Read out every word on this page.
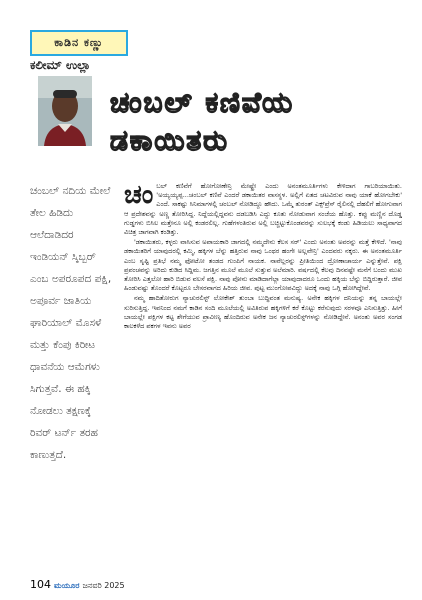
ಕಾಡಿನ ಕಣ್ಣು
ಕಲೀಮ್ ಉಲ್ಲಾ

ಚಂಬಲ್ ಕಣಿವೆಯ

ಡಕಾಯಿತರು

ಚಂಬಲ್ ನದಿಯ ಮೇಲೆ ತೇಲ ಹಿಡಿದು ಆಲೆದಾಡಿದರ ಇಂಡಿಯನ್ ಸ್ಕಿಬ್ಬರ್ ಎಂಬ ಅಪರೂಪದ ಪಕ್ಷಿ, ಅಪೂರ್ವ ಜಾತಿಯ ಘಾರಿಯಾಲ್ ಮೊಸಳೆ ಮತ್ತು ಕೆಂಪು ಕಿರೀಟ ಧಾವನೆಯ ಆಮೆಗಳು ಸಿಗುತ್ತವೆ. ಈ ಹಕ್ಕಿ ನೋಡಲು ತಕ್ಷಣಕ್ಕೆ ರಿವರ್ ಟರ್ನ್ ತರಹ ಕಾಣುತ್ತದೆ.

ಚಂಬಲ್ ಕಣಿವೆಗೆ ಹೋಗೋಣೇನ್ರಿ ಮೇಷ್ಟ್ರೇ ಎಂದು ಅನಂತಮೂರ್ತಿಗಳು ಕೇಳಿದಾಗ ಗಾಬರಿಯಾಯಿತು. 'ಅಯ್ಯಯ್ಯಪ್ಪ...ಚಂಬಲ್ ಕಣಿವೆ ಎಂದರೆ ಡಕಾಯಿತರ ವಾಸಸ್ಥಳ. ಅಲ್ಲಿಗೆ ಏತದ ಚಟವಿರುವ ನಾವು ಯಾಕೆ ಹೋಗಬೇಕು' ಎಂದೆ. ಸಾಕಷ್ಟು ಸಿನಿಮಾಗಳಲ್ಲಿ ಚಂಬಲ್ ನೋಡಿದ್ದೂ ಹೌದು. ಒಮ್ಮೆ ತುರಂತ್ ಎಕ್ಸ್‌ಪ್ರೆಸ್ ರೈಲಿನಲ್ಲಿ ದೆಹಲಿಗೆ ಹೋಗುವಾಗ ಆ ಪ್ರದೇಶವನ್ನು ಅಣ್ಣ ತೋರಿಸಿದ್ದ. ನಿದ್ದೆಯಲ್ಲಿದ್ದವನು ದಡಬಡಿಸಿ ಎದ್ದು ಕೂತು ನೋಡುವಾಗ ಸಂಜೆಯ ಹೊತ್ತು. ಕಪ್ಪು ಮಣ್ಣಿನ ದೊಡ್ಡ ಗುಡ್ಡಗಳು ಬಿಸಿಲ ಮತ್ತೇನೂ ಅಲ್ಲಿ ಕಂಡರಲಿಲ್ಲ. ಗುಹೆಗಳಂತಿರುವ ಅಲ್ಲಿ ಬಚ್ಚಿಟ್ಟುಕೊಂಡವರನ್ನು ಸುಲಭಕ್ಕೆ ಕಂಡು ಹಿಡಿಯಲು ಸಾಧ್ಯವಾಗದ ವಿಚಿತ್ರ ಜಾಗವಾಗಿ ಕಂಡಿತ್ತು.

'ಡಕಾಯಿತರು, ಕಳ್ಳರು ವಾಸಿಸುವ ಅಪಾಯಕಾರಿ ಜಾಗದಲ್ಲಿ ನಮ್ಮದೇನು ಕೆಲಸ ಸರ್' ಎಂದು ಅನಂತು ಅವರನ್ನು ಮತ್ತೆ ಕೇಳಿದೆ. 'ನಾವು ಡಕಾಯಿತರಿಗೆ ಯಾವುದರಲ್ಲಿ ಕಮ್ಮಿ, ಹಕ್ಕಿಗಳ ಬೆನ್ನು ಹತ್ತಿರುವ ನಾವು ಒಂಥರ ಹಂಗೇ ಅಲ್ಲವೇನ್ರಿ' ಎಂದವರು ನಕ್ಕರು. ಈ ಅನಂತಮೂರ್ತಿ ಎಂಬ ಸೃಷ್ಟಿ ಪ್ರತಿಭೆ ನಮ್ಮ ಫೋಟೋ ತಂಡದ ಗುಂಪಿಗೆ ನಾಯಕ. ನಾವೆಲ್ಲರನ್ನು ಪ್ರೀತಿಯಿಂದ ದ್ರೋಣಾಚಾರ್ಯ ಎನ್ನುತ್ತೇವೆ. ಪಕ್ಷಿ ಪ್ರಪಂಚವನ್ನು ಅರಿದು ಕುಡಿದ ಸಿದ್ದಿಮ. ಜಗತ್ತಿನ ಮೂಲೆ ಮೂಲೆ ಸುತ್ತುವ ಅಲೆಮಾರಿ. ವರ್ಷದಲ್ಲಿ ಕೆಲವು ದಿನವಷ್ಟೇ ಮನೆಗೆ ಬಂದು ಮುಖ ತೋರಿಸಿ ಎತ್ತಲೋ ಹಾರಿ ಬಿಡುವ ವಲಸೆ ಪಕ್ಷಿ. ನಾವು ಪೋನು ಮಾಡಿದಾಗೆಲ್ಲಾ ಯಾವುದಾದರೂ ಒಂದು ಹಕ್ಕಿಯ ಬೆನ್ನು ಬಿದ್ದಿರುತ್ತಾರೆ. ಜೀವ ಹಿಂಡುವಷ್ಟು ತೊಂದರೆ ಕೊಟ್ಟರೂ ಬೇಸರವಾಗದ ಹಿರಿಯ ಜೀವ. ಪುಟ್ಟ ಮುಂಗೋಪವಿದ್ದು ಅದಕ್ಕೆ ನಾವು ಒಗ್ಗಿ ಹೋಗಿದ್ದೇವೆ.

ನಮ್ಮ ಹಾದಿತೋರುಗ ನ್ಯಾಚುರಲಿಸ್ಟ್ ಲೋಕೇಶ್ ತುಂಬಾ ಬುದ್ಧಿವಂತ ಮನುಷ್ಯ. ಅನೇಕ ಹಕ್ಕಿಗಳ ದನಿಯನ್ನು ತನ್ನ ಬಾಯಲ್ಲೇ ಸುರಿಸುತ್ತಿದ್ದ. ಇವನಿಂದ ನಮಗೆ ಕಾಡಿನ ಸಂದಿ ಮೂಲೆಯಲ್ಲಿ ಅವಿತಿರುವ ಹಕ್ಕಿಗಳಿಗೆ ಕರೆ ಕೊಟ್ಟು ಕರೆಸುವುದು ಸರಳವೂ ಎನಿಸುತ್ತಿತ್ತು. ಹೀಗೆ ಬಾಯಲ್ಲೇ ಪಕ್ಷಿಗಳ ಕಟ್ಟ ಶೇಗೆಯುವ ಪ್ರಾವೀಣ್ಯ ಹೊಂದಿರುವ ಅನೇಕ ಜನ ನ್ಯಾಚುರಲಿಸ್ಟ್‌ಗಳನ್ನು ನೋಡಿದ್ದೇನೆ. ಅನಂತು ಅವರ ಸಂಗಡ ಕಾಲಕಳೆದ ಪಕಗಳ ಇವನು ಅವರ

104 ಮಯೂರ ಜನವರಿ 2025
